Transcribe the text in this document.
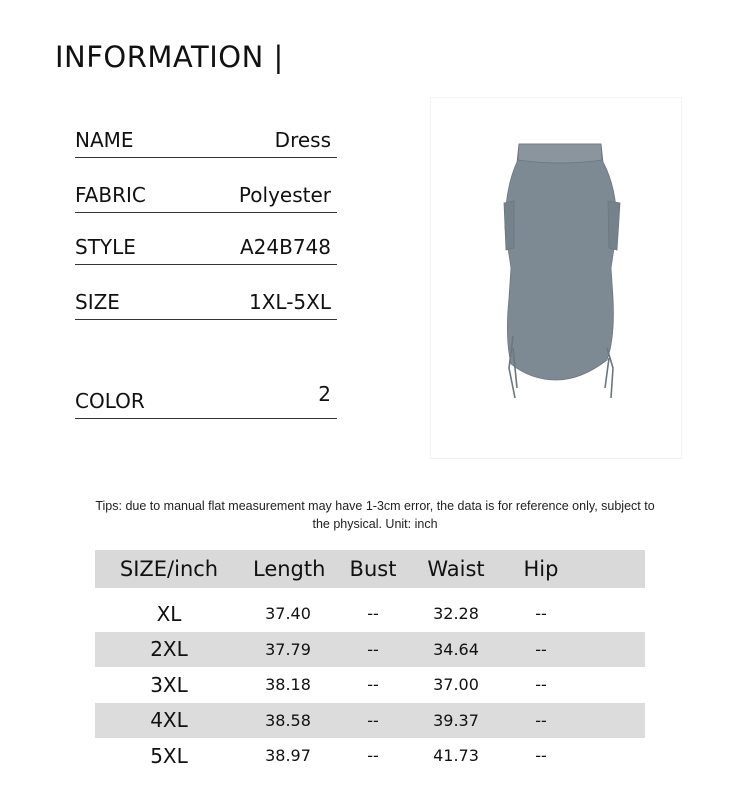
INFORMATION |
NAME	Dress
FABRIC	Polyester
STYLE	A24B748
SIZE	1XL-5XL
COLOR	2
Tips: due to manual flat measurement may have 1-3cm error, the data is for reference only, subject to the physical. Unit: inch
SIZE/inch	Length	Bust	Waist	Hip
XL	37.40	--	32.28	--
2XL	37.79	--	34.64	--
3XL	38.18	--	37.00	--
4XL	38.58	--	39.37	--
5XL	38.97	--	41.73	--
